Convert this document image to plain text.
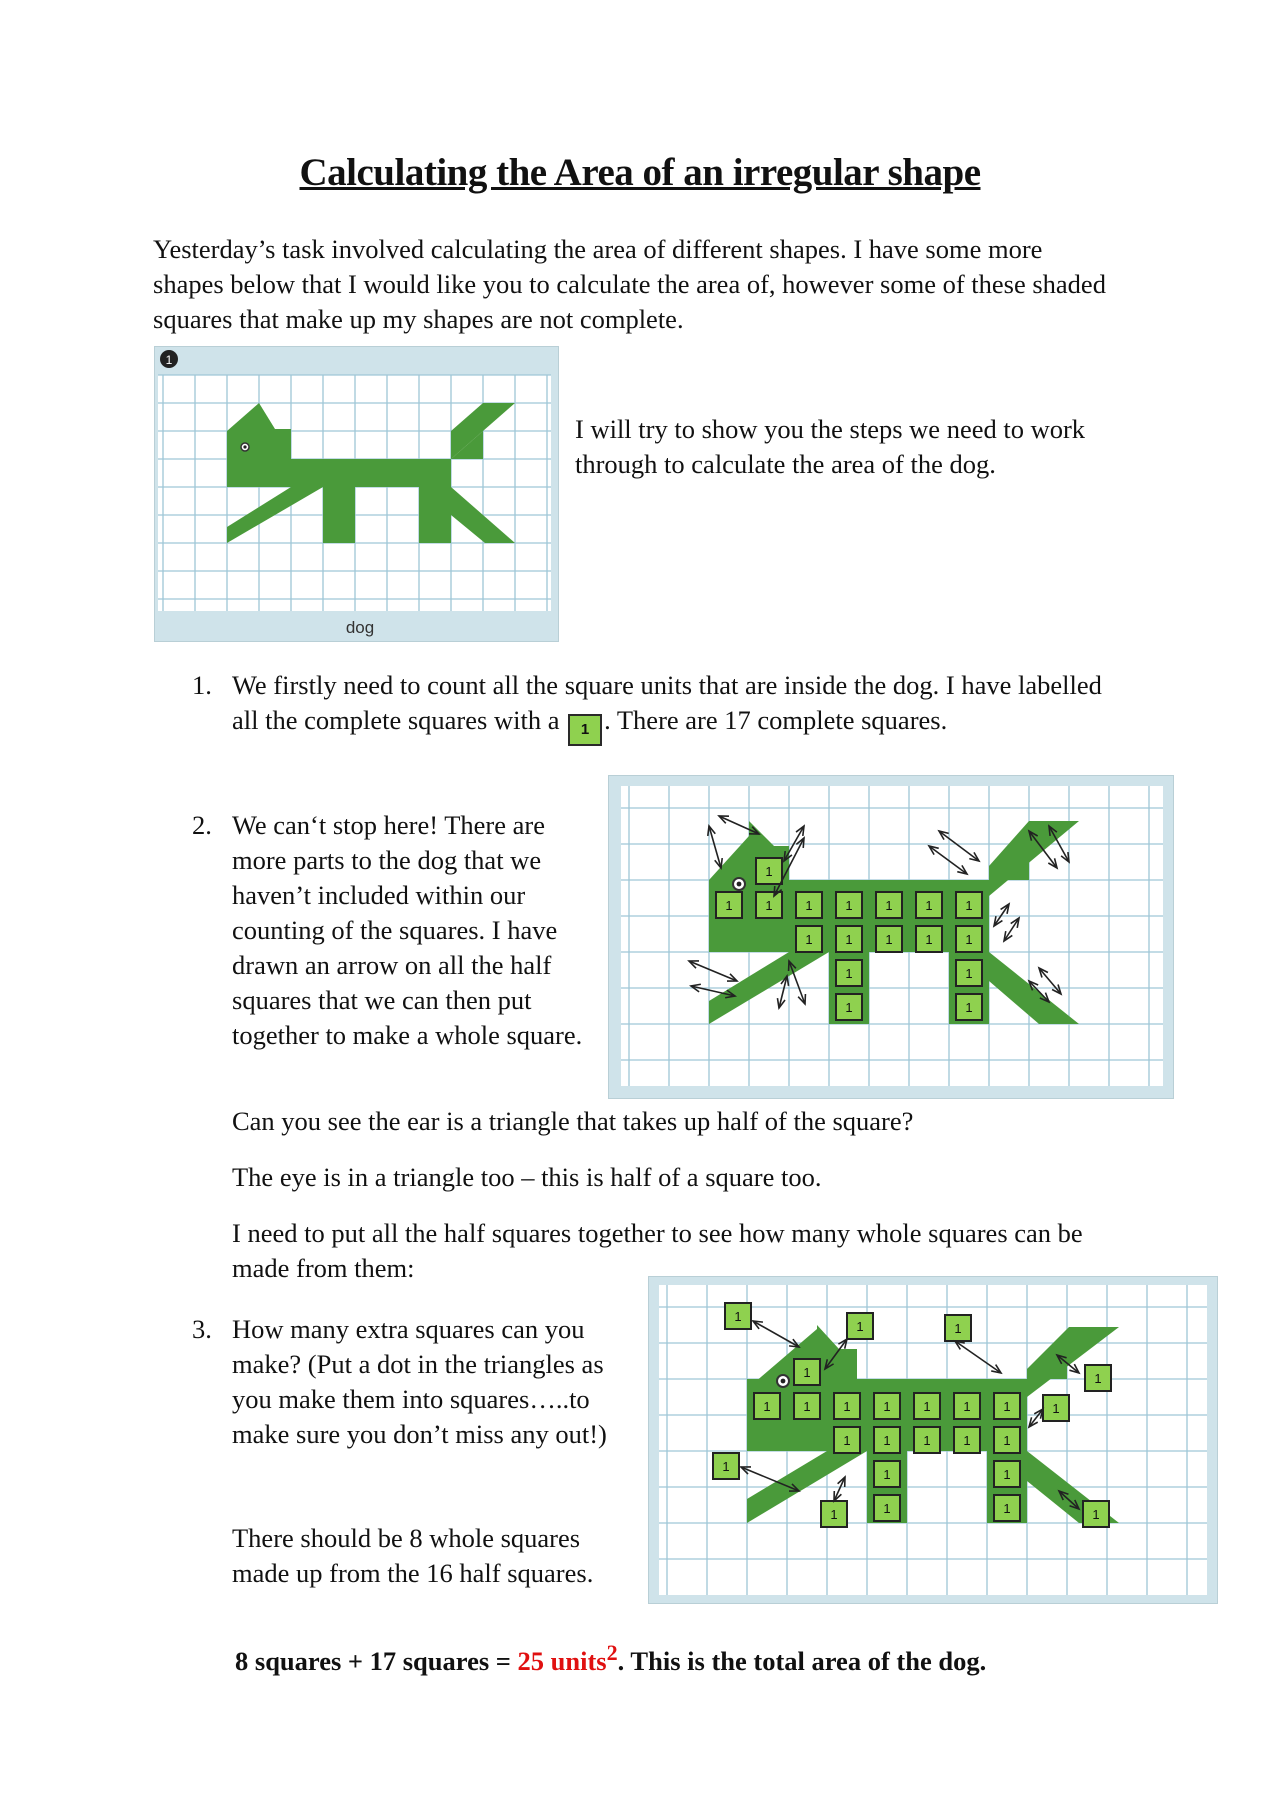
Calculating the Area of an irregular shape
Yesterday’s task involved calculating the area of different shapes. I have some more shapes below that I would like you to calculate the area of, however some of these shaded squares that make up my shapes are not complete.
1
dog
I will try to show you the steps we need to work through to calculate the area of the dog.
1. We firstly need to count all the square units that are inside the dog. I have labelled all the complete squares with a 1 . There are 17 complete squares.
2. We can‘t stop here! There are more parts to the dog that we haven’t included within our counting of the squares. I have drawn an arrow on all the half squares that we can then put together to make a whole square.
1
1	1	1	1	1	1	1
1	1	1	1	1
1	1
1	1
Can you see the ear is a triangle that takes up half of the square?
The eye is in a triangle too – this is half of a square too.
I need to put all the half squares together to see how many whole squares can be made from them:
3. How many extra squares can you make? (Put a dot in the triangles as you make them into squares…..to make sure you don’t miss any out!)
There should be 8 whole squares made up from the 16 half squares.
1
1	1	1	1	1	1	1
1	1	1	1	1
1	1
1	1
1
1	1
1
1
1
1	1
8 squares + 17 squares = 25 units$^2$. This is the total area of the dog.
